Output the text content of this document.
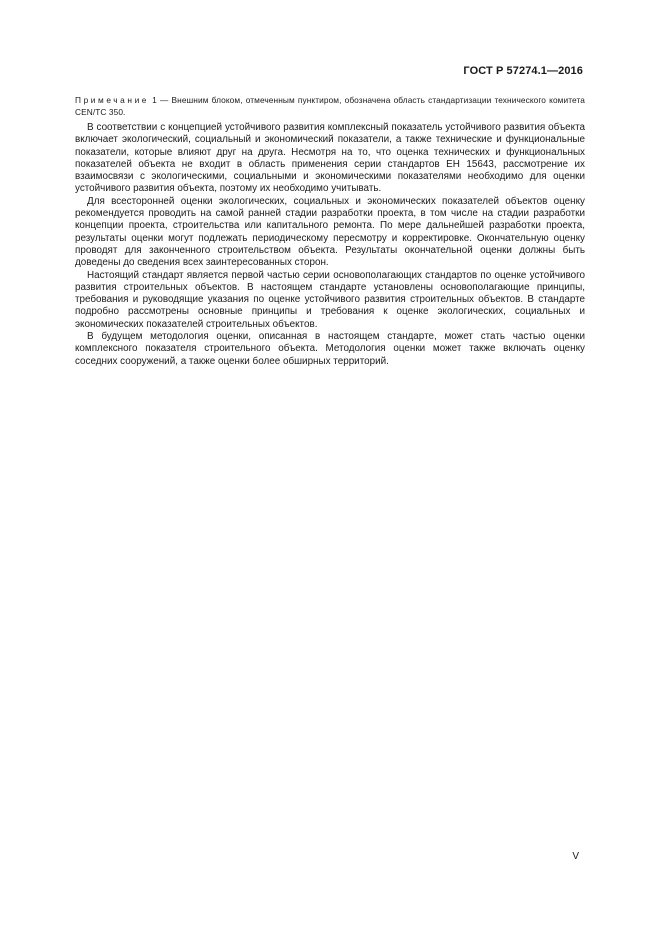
ГОСТ Р 57274.1—2016

Примечание 1 — Внешним блоком, отмеченным пунктиром, обозначена область стандартизации технического комитета CEN/TC 350.

В соответствии с концепцией устойчивого развития комплексный показатель устойчивого развития объекта включает экологический, социальный и экономический показатели, а также технические и функциональные показатели, которые влияют друг на друга. Несмотря на то, что оценка технических и функциональных показателей объекта не входит в область применения серии стандартов ЕН 15643, рассмотрение их взаимосвязи с экологическими, социальными и экономическими показателями необходимо для оценки устойчивого развития объекта, поэтому их необходимо учитывать.

Для всесторонней оценки экологических, социальных и экономических показателей объектов оценку рекомендуется проводить на самой ранней стадии разработки проекта, в том числе на стадии разработки концепции проекта, строительства или капитального ремонта. По мере дальнейшей разработки проекта, результаты оценки могут подлежать периодическому пересмотру и корректировке. Окончательную оценку проводят для законченного строительством объекта. Результаты окончательной оценки должны быть доведены до сведения всех заинтересованных сторон.

Настоящий стандарт является первой частью серии основополагающих стандартов по оценке устойчивого развития строительных объектов. В настоящем стандарте установлены основополагающие принципы, требования и руководящие указания по оценке устойчивого развития строительных объектов. В стандарте подробно рассмотрены основные принципы и требования к оценке экологических, социальных и экономических показателей строительных объектов.

В будущем методология оценки, описанная в настоящем стандарте, может стать частью оценки комплексного показателя строительного объекта. Методология оценки может также включать оценку соседних сооружений, а также оценки более обширных территорий.

V
